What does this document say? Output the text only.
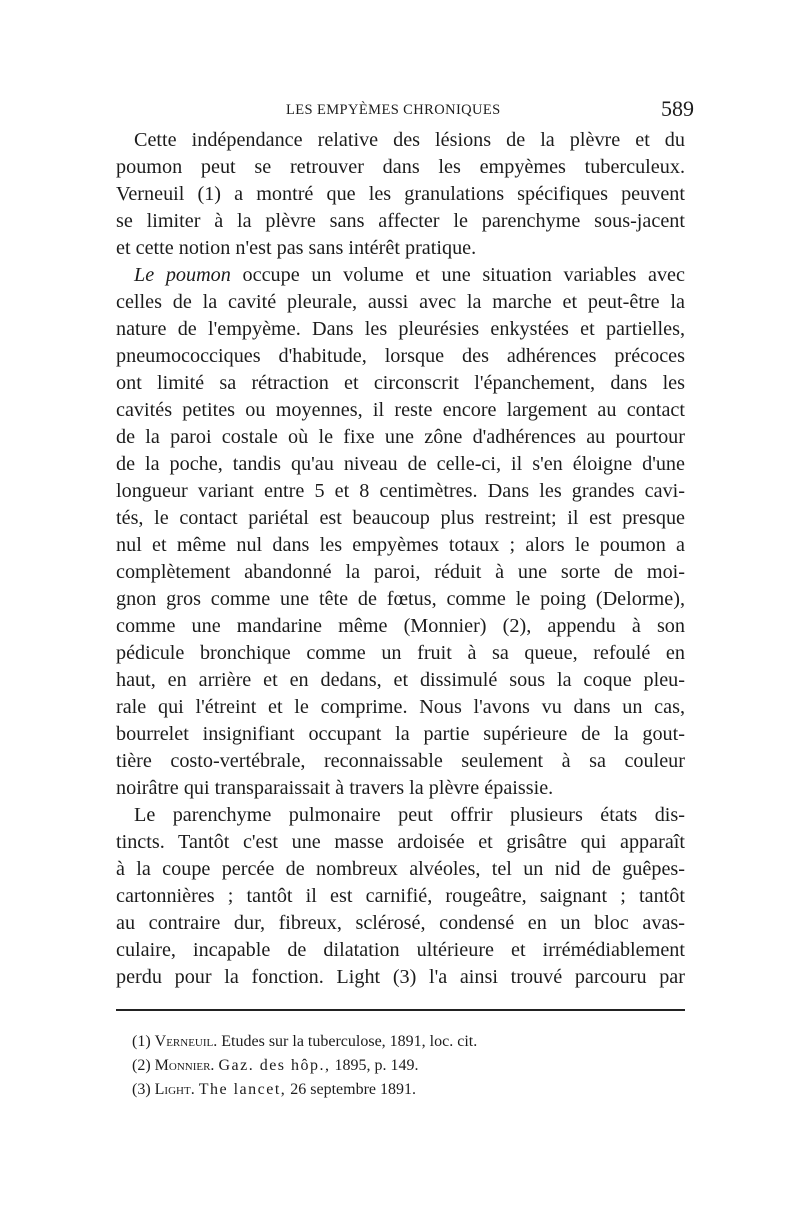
LES EMPYÈMES CHRONIQUES	589
Cette indépendance relative des lésions de la plèvre et du
poumon peut se retrouver dans les empyèmes tuberculeux.
Verneuil (1) a montré que les granulations spécifiques peuvent
se limiter à la plèvre sans affecter le parenchyme sous-jacent
et cette notion n'est pas sans intérêt pratique.
Le poumon occupe un volume et une situation variables avec
celles de la cavité pleurale, aussi avec la marche et peut-être la
nature de l'empyème. Dans les pleurésies enkystées et partielles,
pneumococciques d'habitude, lorsque des adhérences précoces
ont limité sa rétraction et circonscrit l'épanchement, dans les
cavités petites ou moyennes, il reste encore largement au contact
de la paroi costale où le fixe une zône d'adhérences au pourtour
de la poche, tandis qu'au niveau de celle-ci, il s'en éloigne d'une
longueur variant entre 5 et 8 centimètres. Dans les grandes cavi-
tés, le contact pariétal est beaucoup plus restreint; il est presque
nul et même nul dans les empyèmes totaux ; alors le poumon a
complètement abandonné la paroi, réduit à une sorte de moi-
gnon gros comme une tête de fœtus, comme le poing (Delorme),
comme une mandarine même (Monnier) (2), appendu à son
pédicule bronchique comme un fruit à sa queue, refoulé en
haut, en arrière et en dedans, et dissimulé sous la coque pleu-
rale qui l'étreint et le comprime. Nous l'avons vu dans un cas,
bourrelet insignifiant occupant la partie supérieure de la gout-
tière costo-vertébrale, reconnaissable seulement à sa couleur
noirâtre qui transparaissait à travers la plèvre épaissie.
Le parenchyme pulmonaire peut offrir plusieurs états dis-
tincts. Tantôt c'est une masse ardoisée et grisâtre qui apparaît
à la coupe percée de nombreux alvéoles, tel un nid de guêpes-
cartonnières ; tantôt il est carnifié, rougeâtre, saignant ; tantôt
au contraire dur, fibreux, sclérosé, condensé en un bloc avas-
culaire, incapable de dilatation ultérieure et irrémédiablement
perdu pour la fonction. Light (3) l'a ainsi trouvé parcouru par
(1) Verneuil. Etudes sur la tuberculose, 1891, loc. cit.
(2) Monnier. Gaz. des hôp., 1895, p. 149.
(3) Light. The lancet, 26 septembre 1891.
